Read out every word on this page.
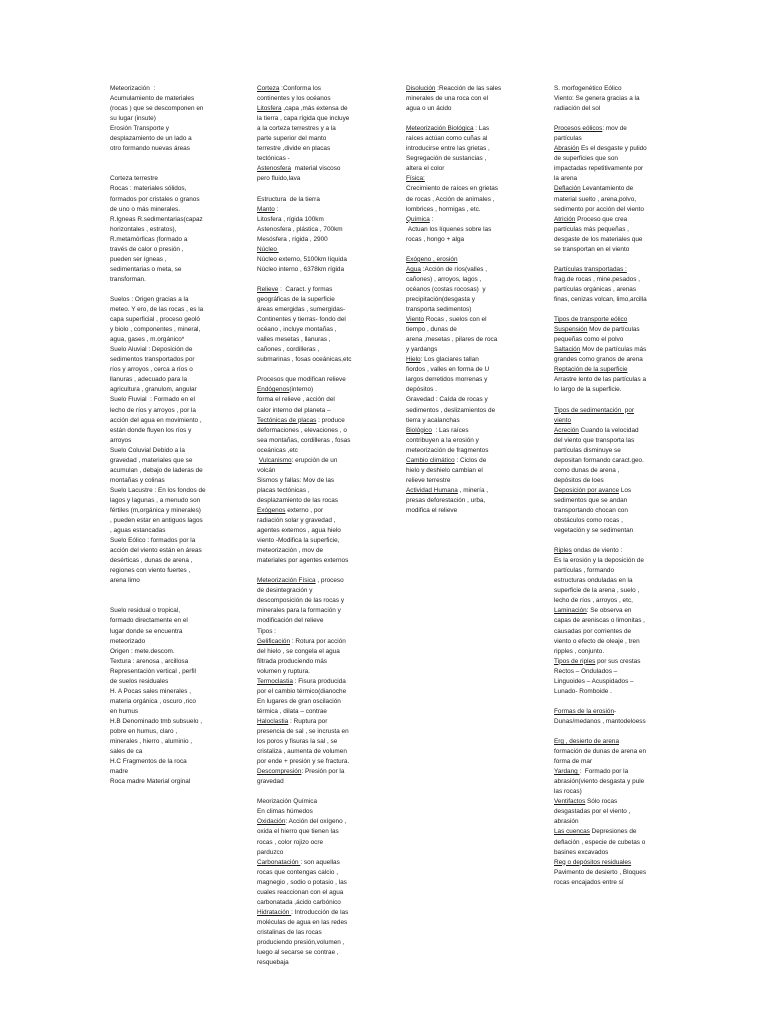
Meteorización  :
Acumulamiento de materiales
(rocas ) que se descomponen en
su lugar (insute)
Erosión Transporte y
desplazamiento de un lado a
otro formando nuevas áreas
Corteza terrestre
Rocas : materiales sólidos,
formados por cristales o granos
de uno o más minerales.
R.Igneas R.sedimentarias(capaz
horizontales , estratos),
R.metamórficas (formado a
través de calor o presión ,
pueden ser ígneas ,
sedimentarias o meta, se
transforman.
Suelos : Origen gracias a la
meteo. Y ero, de las rocas , es la
capa superficial , proceso geoló
y biolo , componentes , mineral,
agua, gases , m.orgánico*
Suelo Aluvial : Deposición de
sedimentos transportados por
ríos y arroyos , cerca a ríos o
llanuras , adecuado para la
agricultura , granulom, angular
Suelo Fluvial  : Formado en el
lecho de ríos y arroyos , por la
acción del agua en movimiento ,
están donde fluyen los ríos y
arroyos
Suelo Coluvial Debido a la
gravedad , materiales que se
acumulan , debajo de laderas de
montañas y colinas
Suelo Lacustre : En los fondos de
lagos y lagunas , a menudo son
fértiles (m,orgánica y minerales)
, pueden estar en antiguos lagos
, aguas estancadas
Suelo Eólico : formados por la
acción del viento están en áreas
desérticas , dunas de arena ,
regiones con viento fuertes ,
arena limo
Suelo residual o tropical,
formado directamente en el
lugar donde se encuentra
meteorizado
Origen : mete.descom.
Textura : arenosa , arcillosa
Representación vertical , perfil
de suelos residuales
H. A Pocas sales minerales ,
materia orgánica , oscuro ,rico
en humus
H.B Denominado tmb subsuelo ,
pobre en humus, claro ,
minerales , hierro , aluminio ,
sales de ca
H.C Fragmentos de la roca
madre
Roca madre Material orginal
Corteza :Conforma los
continentes y los océanos
Litosfera ,capa ,más extensa de
la tierra , capa rígida que incluye
a la corteza terrestres y a la
parte superior del manto
terrestre ,divide en placas
tectónicas -
Astenosfera  material viscoso
pero fluido,lava
Estructura  de la tierra
Manto :
Litosfera , rígida 100km
Astenosfera , plástica , 700km
Mesósfera , rígida , 2900
Núcleo
Núcleo externo, 5100km líquida
Núcleo interno , 6378km rígida
Relieve :  Caract. y formas
geográficas de la superficie
áreas emergidas , sumergidas-
Continentes y tierras- fondo del
océano , incluye montañas ,
valles mesetas , llanuras ,
cañones , cordilleras ,
submarinas , fosas oceánicas,etc
Procesos que modifican relieve
Endógenos(interno)
forma el relieve , acción del
calor interno del planeta –
Tectónicas de placas : produce
deformaciones , elevaciones , o
sea montañas, cordilleras , fosas
oceánicas ,etc
Vulcanismo: erupción de un
volcán
Sismos y fallas: Mov de las
placas tectónicas ,
desplazamiento de las rocas
Exógenos externo , por
radiación solar y gravedad ,
agentes externos , agua hielo
viento -Modifica la superficie,
meteorización , mov de
materiales por agentes externos
Meteorización Física , proceso
de desintegración y
descomposición de las rocas y
minerales para la formación y
modificación del relieve
Tipos :
Gelificación : Rotura por acción
del hielo , se congela el agua
filtrada produciendo más
volumen y ruptura.
Termoclastia : Fisura producida
por el cambio térmico(dianoche
En lugares de gran oscilación
térmica , dilata – contrae
Haloclastia : Ruptura por
presencia de sal , se incrusta en
los poros y fisuras la sal , se
cristaliza , aumenta de volumen
por ende + presión y se fractura.
Descompresión: Presión por la
gravedad
Meorización Química
En climas húmedos
Oxidación: Acción del oxígeno ,
oxida el hierro que tienen las
rocas , color rojizo ocre
parduzco
Carbonatación : son aquellas
rocas que contengas calcio ,
magnegio , sodio o potasio , las
cuales reaccionan con el agua
carbonatada ,ácido carbónico
Hidratación : Introducción de las
moléculas de agua en las redes
cristalinas de las rocas
produciendo presión,volumen ,
luego al secarse se contrae ,
resquebaja
Disolución :Reacción de las sales
minerales de una roca con el
agua o un ácido
Meteorización Biológica : Las
raíces actúan como cuñas al
introducirse entre las grietas ,
Segregación de sustancias ,
altera el color
Física:
Crecimiento de raíces en grietas
de rocas , Acción de animales ,
lombrices , hormigas , etc.
Química :
Actuan los líquenes sobre las
rocas , hongo + alga
Exógeno , erosión
Agua :Acción de ríos(valles ,
cañones) , arroyos, lagos ,
océanos (costas rocosas)  y
precipitación(desgasta y
transporta sedimentos)
Viento Rocas , suelos con el
tiempo , dunas de
arena ,mesetas , pilares de roca
y yardangs
Hielo: Los glaciares tallan
fiordos , valles en forma de U
largos derretidos morrenas y
depósitos .
Gravedad : Caída de rocas y
sedimentos , deslizamientos de
tierra y acalanchas
Biológico  : Las raíces
contribuyen a la erosión y
meteorización de fragmentos
Cambio climático : Ciclos de
hielo y deshielo cambian el
relieve terrestre
Actividad Humana , minería ,
presas deforestación , urba,
modifica el relieve
S. morfogenético Eólico
Viento: Se genera gracias a la
radiación del sol
Procesos eólicos: mov de
partículas
Abrasión Es el desgaste y pulido
de superficies que son
impactadas repetitivamente por
la arena
Deflación Levantamiento de
material suelto , arena,polvo,
sedimento por acción del viento
Atrición Proceso que crea
partículas más pequeñas ,
desgaste de los materiales que
se transportan en el viento
Partículas transportadas :
frag.de rocas , mine.pesados ,
partículas orgánicas , arenas
finas, cenizas volcan, limo,arcilla
Tipos de transporte eólico
Suspensión Mov de partículas
pequeñas como el polvo
Saltación Mov de partículas más
grandes como granos de arena
Reptación de la superficie
Arrastre lento de las partículas a
lo largo de la superficie.
Tipos de sedimentación  por
viento
Acreción Cuando la velocidad
del viento que transporta las
partículas disminuye se
depositan formando caract.geo.
como dunas de arena ,
depósitos de loes
Deposición por avance Los
sedimentos que se andan
transportando chocan con
obstáculos como rocas ,
vegetación y se sedimentan
Riples ondas de viento :
Es la erosión y la deposición de
partículas , formando
estructuras onduladas en la
superficie de la arena , suelo ,
lecho de ríos , arroyos , etc,
Laminación: Se observa en
capas de areniscas o limonitas ,
causadas por corrientes de
viento o efecto de oleaje , tren
ripples , conjunto.
Tipos de riples por sus crestas
Rectos – Ondulados –
Linguoides – Acuspidados –
Lunado- Romboide .
Formas de la erosión-
Dunas/medanos , mantodeloess
Erg , desierto de arena
formación de dunas de arena en
forma de mar
Yardang :  Formado por la
abrasión(viento desgasta y pule
las rocas)
Ventifactos Sólo rocas
desgastadas por el viento ,
abrasión
Las cuencas Depresiones de
deflación , especie de cubetas o
basines excavados
Reg o depósitos residuales
Pavimento de desierto , Bloques
rocas encajados entre sí
